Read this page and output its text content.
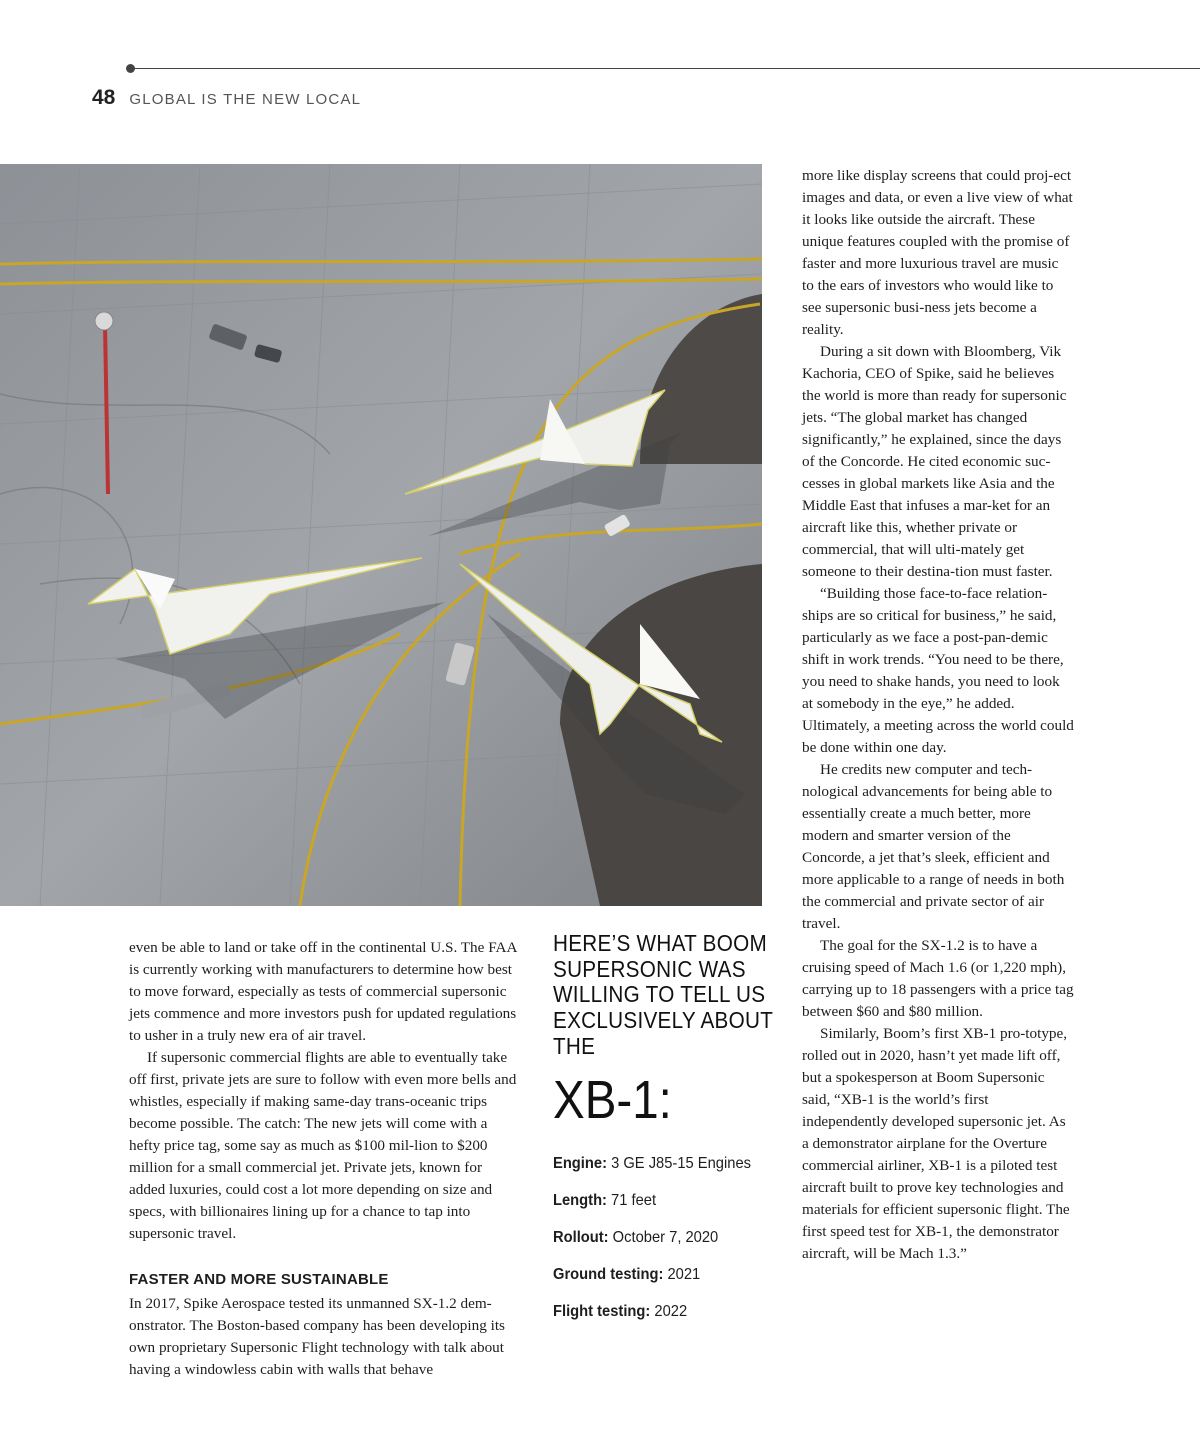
48 GLOBAL IS THE NEW LOCAL

even be able to land or take off in the continental U.S. The FAA is currently working with manufacturers to determine how best to move forward, especially as tests of commercial supersonic jets commence and more investors push for updated regulations to usher in a truly new era of air travel.

If supersonic commercial flights are able to eventually take off first, private jets are sure to follow with even more bells and whistles, especially if making same-day trans-oceanic trips become possible. The catch: The new jets will come with a hefty price tag, some say as much as $100 mil-lion to $200 million for a small commercial jet. Private jets, known for added luxuries, could cost a lot more depending on size and specs, with billionaires lining up for a chance to tap into supersonic travel.

FASTER AND MORE SUSTAINABLE

In 2017, Spike Aerospace tested its unmanned SX-1.2 dem-onstrator. The Boston-based company has been developing its own proprietary Supersonic Flight technology with talk about having a windowless cabin with walls that behave

HERE’S WHAT BOOM SUPERSONIC WAS WILLING TO TELL US EXCLUSIVELY ABOUT THE
XB-1:
Engine: 3 GE J85-15 Engines
Length: 71 feet
Rollout: October 7, 2020
Ground testing: 2021
Flight testing: 2022

more like display screens that could proj-ect images and data, or even a live view of what it looks like outside the aircraft. These unique features coupled with the promise of faster and more luxurious travel are music to the ears of investors who would like to see supersonic busi-ness jets become a reality.

During a sit down with Bloomberg, Vik Kachoria, CEO of Spike, said he believes the world is more than ready for supersonic jets. “The global market has changed significantly,” he explained, since the days of the Concorde. He cited economic suc-cesses in global markets like Asia and the Middle East that infuses a mar-ket for an aircraft like this, whether private or commercial, that will ulti-mately get someone to their destina-tion must faster.

“Building those face-to-face relation-ships are so critical for business,” he said, particularly as we face a post-pan-demic shift in work trends. “You need to be there, you need to shake hands, you need to look at somebody in the eye,” he added. Ultimately, a meeting across the world could be done within one day.

He credits new computer and tech-nological advancements for being able to essentially create a much better, more modern and smarter version of the Concorde, a jet that’s sleek, efficient and more applicable to a range of needs in both the commercial and private sector of air travel.

The goal for the SX-1.2 is to have a cruising speed of Mach 1.6 (or 1,220 mph), carrying up to 18 passengers with a price tag between $60 and $80 million.

Similarly, Boom’s first XB-1 pro-totype, rolled out in 2020, hasn’t yet made lift off, but a spokesperson at Boom Supersonic said, “XB-1 is the world’s first independently developed supersonic jet. As a demonstrator airplane for the Overture commercial airliner, XB-1 is a piloted test aircraft built to prove key technologies and materials for efficient supersonic flight. The first speed test for XB-1, the demonstrator aircraft, will be Mach 1.3.”
